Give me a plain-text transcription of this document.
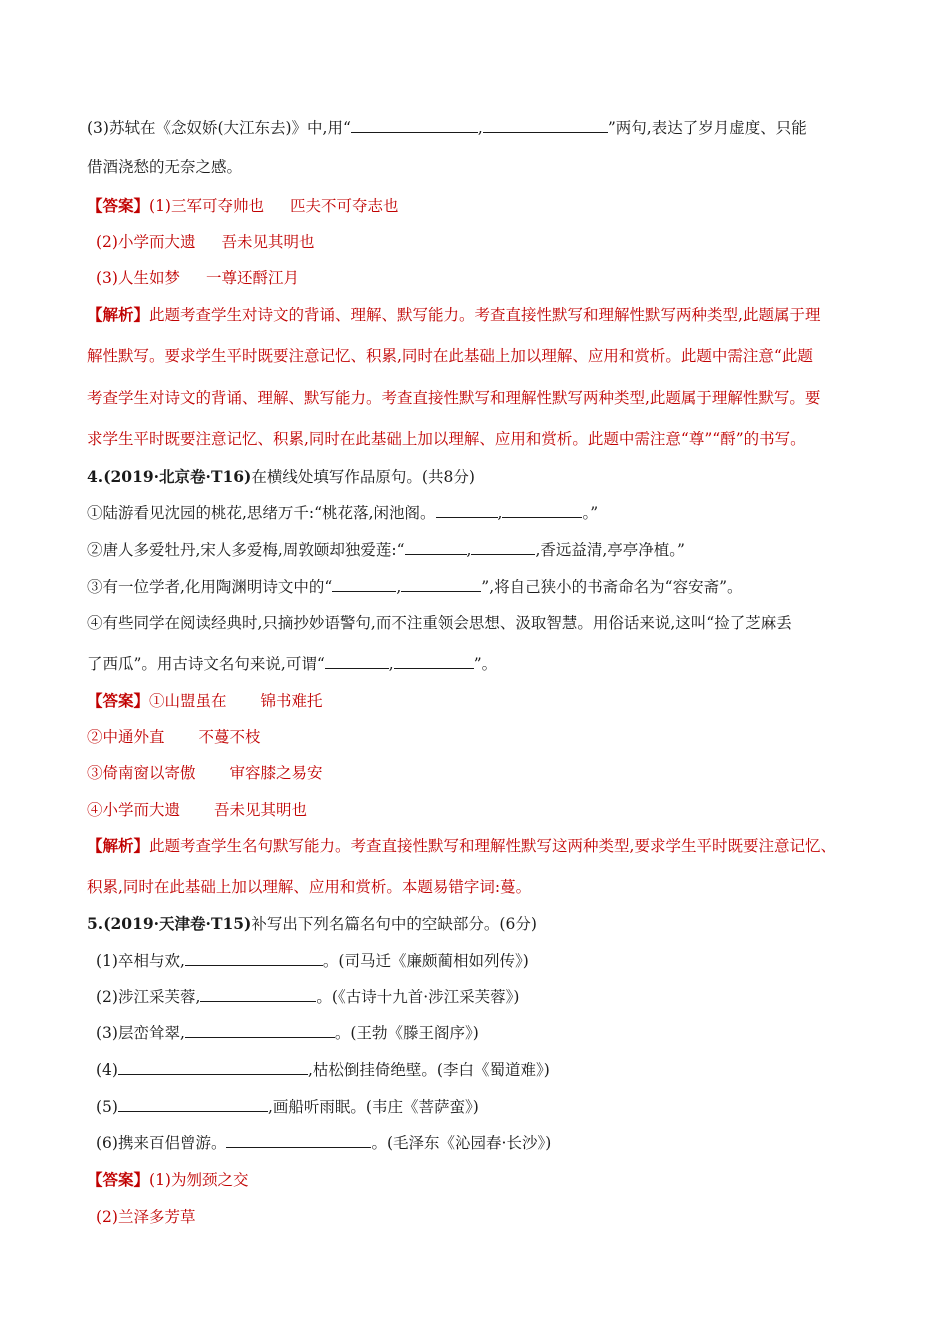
(3)苏轼在《念奴娇(大江东去)》中,用“	,	”两句,表达了岁月虚度、只能
借酒浇愁的无奈之感。
【答案】(1)三军可夺帅也 匹夫不可夺志也
(2)小学而大遗 吾未见其明也
(3)人生如梦 一尊还酹江月
【解析】此题考查学生对诗文的背诵、理解、默写能力。考查直接性默写和理解性默写两种类型,此题属于理
解性默写。要求学生平时既要注意记忆、积累,同时在此基础上加以理解、应用和赏析。此题中需注意“此题
考查学生对诗文的背诵、理解、默写能力。考查直接性默写和理解性默写两种类型,此题属于理解性默写。要
求学生平时既要注意记忆、积累,同时在此基础上加以理解、应用和赏析。此题中需注意“尊”“酹”的书写。
4.(2019·北京卷·T16)在横线处填写作品原句。(共8分)
①陆游看见沈园的桃花,思绪万千:“桃花落,闲池阁。	,	。”
②唐人多爱牡丹,宋人多爱梅,周敦颐却独爱莲:“	,	,香远益清,亭亭净植。”
③有一位学者,化用陶渊明诗文中的“	,	”,将自己狭小的书斋命名为“容安斋”。
④有些同学在阅读经典时,只摘抄妙语警句,而不注重领会思想、汲取智慧。用俗话来说,这叫“捡了芝麻丢
了西瓜”。用古诗文名句来说,可谓“	,	”。
【答案】①山盟虽在 锦书难托
②中通外直 不蔓不枝
③倚南窗以寄傲 审容膝之易安
④小学而大遗 吾未见其明也
【解析】此题考查学生名句默写能力。考查直接性默写和理解性默写这两种类型,要求学生平时既要注意记忆、
积累,同时在此基础上加以理解、应用和赏析。本题易错字词:蔓。
5.(2019·天津卷·T15)补写出下列名篇名句中的空缺部分。(6分)
(1)卒相与欢,	。(司马迁《廉颇蔺相如列传》)
(2)涉江采芙蓉,	。(《古诗十九首·涉江采芙蓉》)
(3)层峦耸翠,	。(王勃《滕王阁序》)
(4)	,枯松倒挂倚绝壁。(李白《蜀道难》)
(5)	,画船听雨眠。(韦庄《菩萨蛮》)
(6)携来百侣曾游。	。(毛泽东《沁园春·长沙》)
【答案】(1)为刎颈之交
(2)兰泽多芳草
